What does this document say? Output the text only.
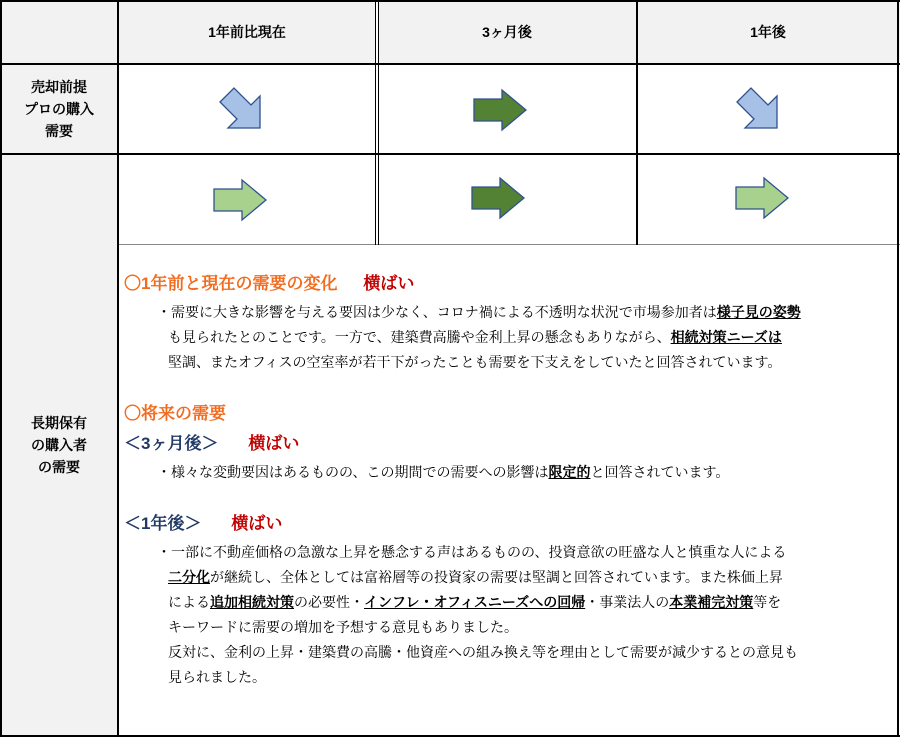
1年前比現在	3ヶ月後	1年後
売却前提
プロの購入
需要
長期保有
の購入者
の需要
〇1年前と現在の需要の変化 横ばい
・需要に大きな影響を与える要因は少なく、コロナ禍による不透明な状況で市場参加者は様子見の姿勢
も見られたとのことです。一方で、建築費高騰や金利上昇の懸念もありながら、相続対策ニーズは
堅調、またオフィスの空室率が若干下がったことも需要を下支えをしていたと回答されています。
〇将来の需要
＜3ヶ月後＞ 横ばい
・様々な変動要因はあるものの、この期間での需要への影響は限定的と回答されています。
＜1年後＞ 横ばい
・一部に不動産価格の急激な上昇を懸念する声はあるものの、投資意欲の旺盛な人と慎重な人による
二分化が継続し、全体としては富裕層等の投資家の需要は堅調と回答されています。また株価上昇
による追加相続対策の必要性・インフレ・オフィスニーズへの回帰・事業法人の本業補完対策等を
キーワードに需要の増加を予想する意見もありました。
反対に、金利の上昇・建築費の高騰・他資産への組み換え等を理由として需要が減少するとの意見も
見られました。
